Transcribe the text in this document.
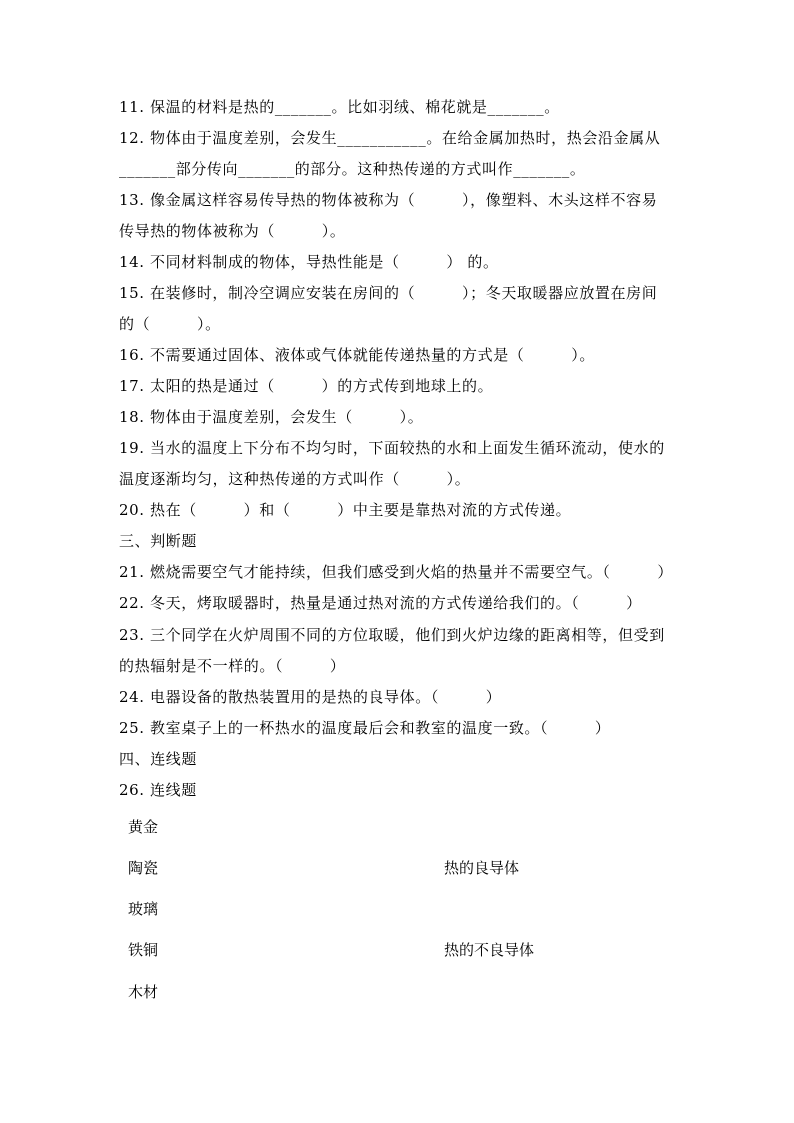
11. 保温的材料是热的_______。比如羽绒、棉花就是_______。
12. 物体由于温度差别，会发生___________。在给金属加热时，热会沿金属从
_______部分传向_______的部分。这种热传递的方式叫作_______。
13. 像金属这样容易传导热的物体被称为（　　　），像塑料、木头这样不容易
传导热的物体被称为（　　　）。
14. 不同材料制成的物体，导热性能是（　　　） 的。
15. 在装修时，制冷空调应安装在房间的（　　　）；冬天取暖器应放置在房间
的（　　　）。
16. 不需要通过固体、液体或气体就能传递热量的方式是（　　　）。
17. 太阳的热是通过（　　　）的方式传到地球上的。
18. 物体由于温度差别，会发生（　　　）。
19. 当水的温度上下分布不均匀时，下面较热的水和上面发生循环流动，使水的
温度逐渐均匀，这种热传递的方式叫作（　　　）。
20. 热在（　　　）和（　　　）中主要是靠热对流的方式传递。
三、判断题
21. 燃烧需要空气才能持续，但我们感受到火焰的热量并不需要空气。（　　　）
22. 冬天，烤取暖器时，热量是通过热对流的方式传递给我们的。（　　　）
23. 三个同学在火炉周围不同的方位取暖，他们到火炉边缘的距离相等，但受到
的热辐射是不一样的。（　　　）
24. 电器设备的散热装置用的是热的良导体。（　　　）
25. 教室桌子上的一杯热水的温度最后会和教室的温度一致。（　　　）
四、连线题
26. 连线题
黄金
陶瓷
玻璃
铁铜
木材
热的良导体
热的不良导体
